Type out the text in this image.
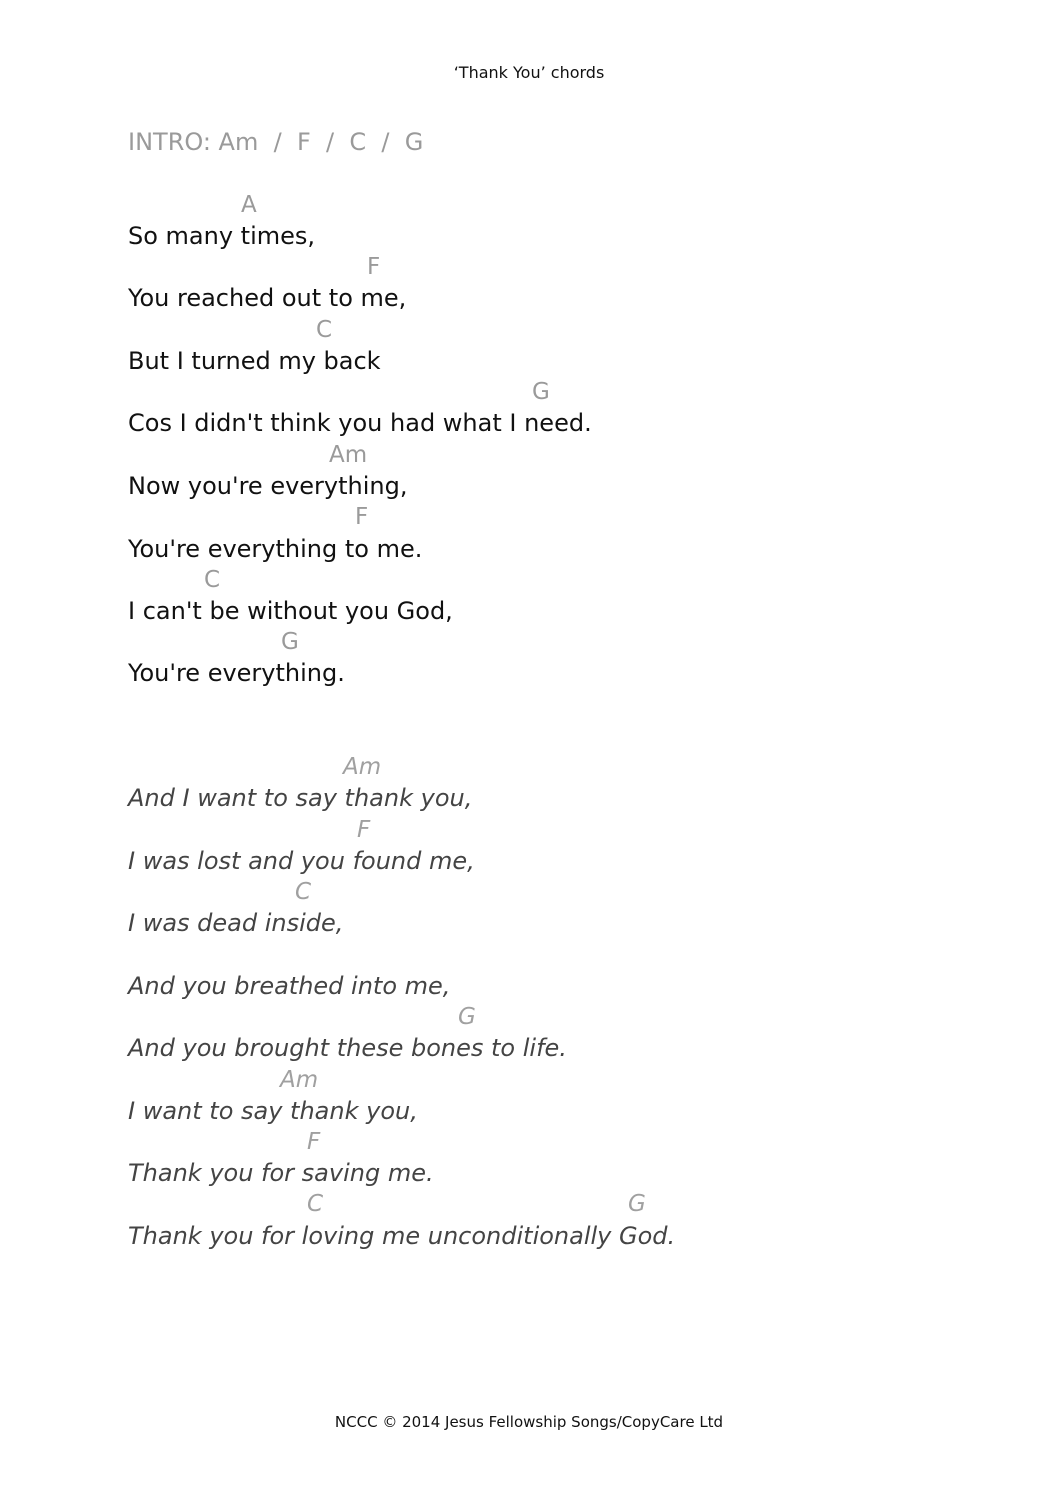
‘Thank You’ chords
INTRO: Am  /  F  /  C  /  G
A
So many times,
F
You reached out to me,
C
But I turned my back
G
Cos I didn't think you had what I need.
Am
Now you're everything,
F
You're everything to me.
C
I can't be without you God,
G
You're everything.
Am
And I want to say thank you,
F
I was lost and you found me,
C
I was dead inside,
And you breathed into me,
G
And you brought these bones to life.
Am
I want to say thank you,
F
Thank you for saving me.
C	G
Thank you for loving me unconditionally God.
NCCC © 2014 Jesus Fellowship Songs/CopyCare Ltd
